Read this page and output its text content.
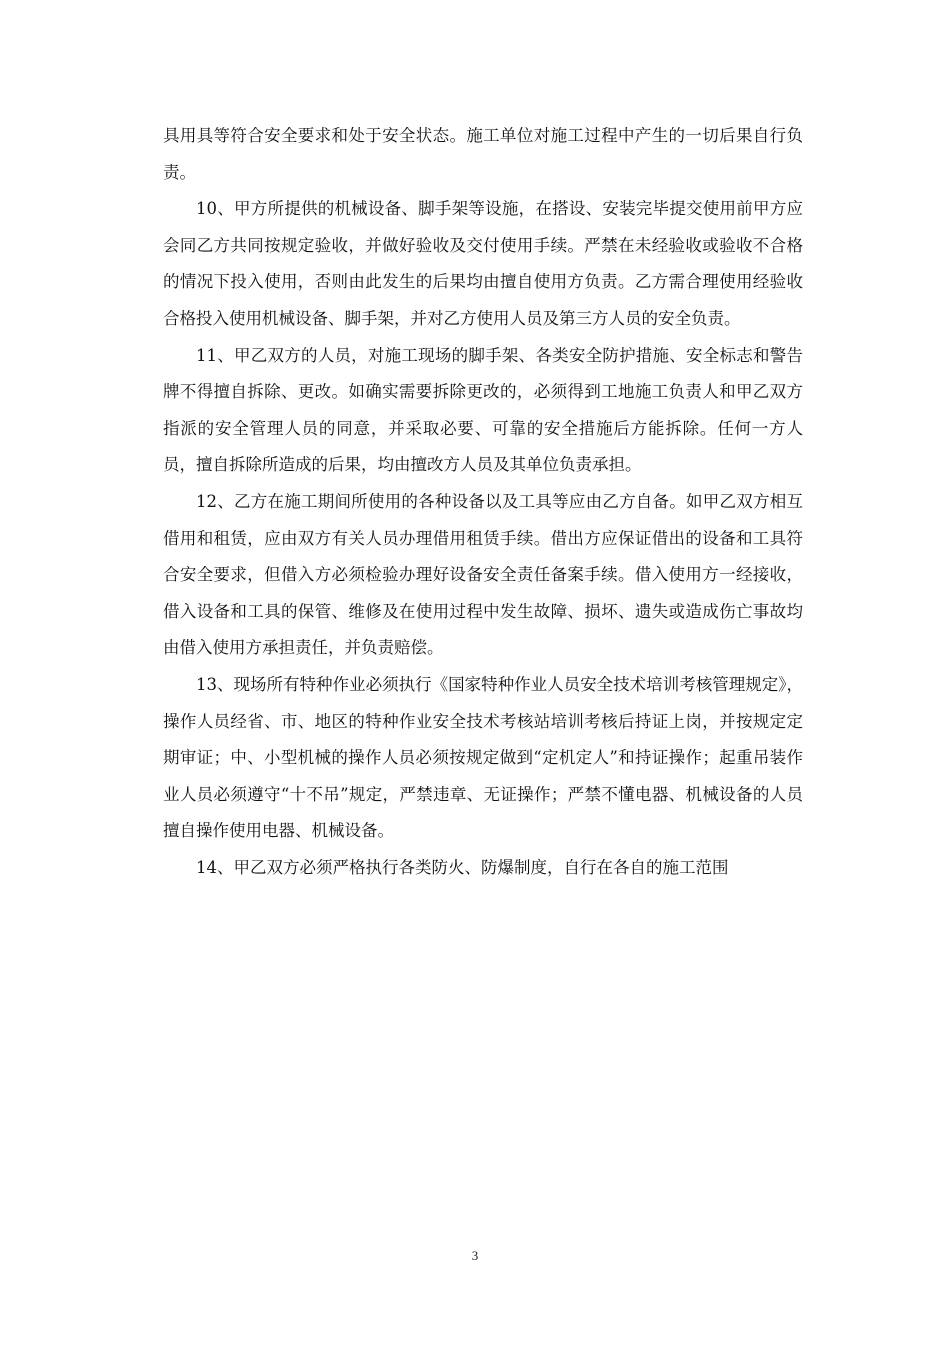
具用具等符合安全要求和处于安全状态。施工单位对施工过程中产生的一切后果自行负责。

10、甲方所提供的机械设备、脚手架等设施，在搭设、安装完毕提交使用前甲方应会同乙方共同按规定验收，并做好验收及交付使用手续。严禁在未经验收或验收不合格的情况下投入使用，否则由此发生的后果均由擅自使用方负责。乙方需合理使用经验收合格投入使用机械设备、脚手架，并对乙方使用人员及第三方人员的安全负责。

11、甲乙双方的人员，对施工现场的脚手架、各类安全防护措施、安全标志和警告牌不得擅自拆除、更改。如确实需要拆除更改的，必须得到工地施工负责人和甲乙双方指派的安全管理人员的同意，并采取必要、可靠的安全措施后方能拆除。任何一方人员，擅自拆除所造成的后果，均由擅改方人员及其单位负责承担。

12、乙方在施工期间所使用的各种设备以及工具等应由乙方自备。如甲乙双方相互借用和租赁，应由双方有关人员办理借用租赁手续。借出方应保证借出的设备和工具符合安全要求，但借入方必须检验办理好设备安全责任备案手续。借入使用方一经接收，借入设备和工具的保管、维修及在使用过程中发生故障、损坏、遗失或造成伤亡事故均由借入使用方承担责任，并负责赔偿。

13、现场所有特种作业必须执行《国家特种作业人员安全技术培训考核管理规定》，操作人员经省、市、地区的特种作业安全技术考核站培训考核后持证上岗，并按规定定期审证；中、小型机械的操作人员必须按规定做到“定机定人”和持证操作；起重吊装作业人员必须遵守“十不吊”规定，严禁违章、无证操作；严禁不懂电器、机械设备的人员擅自操作使用电器、机械设备。

14、甲乙双方必须严格执行各类防火、防爆制度，自行在各自的施工范围

3
